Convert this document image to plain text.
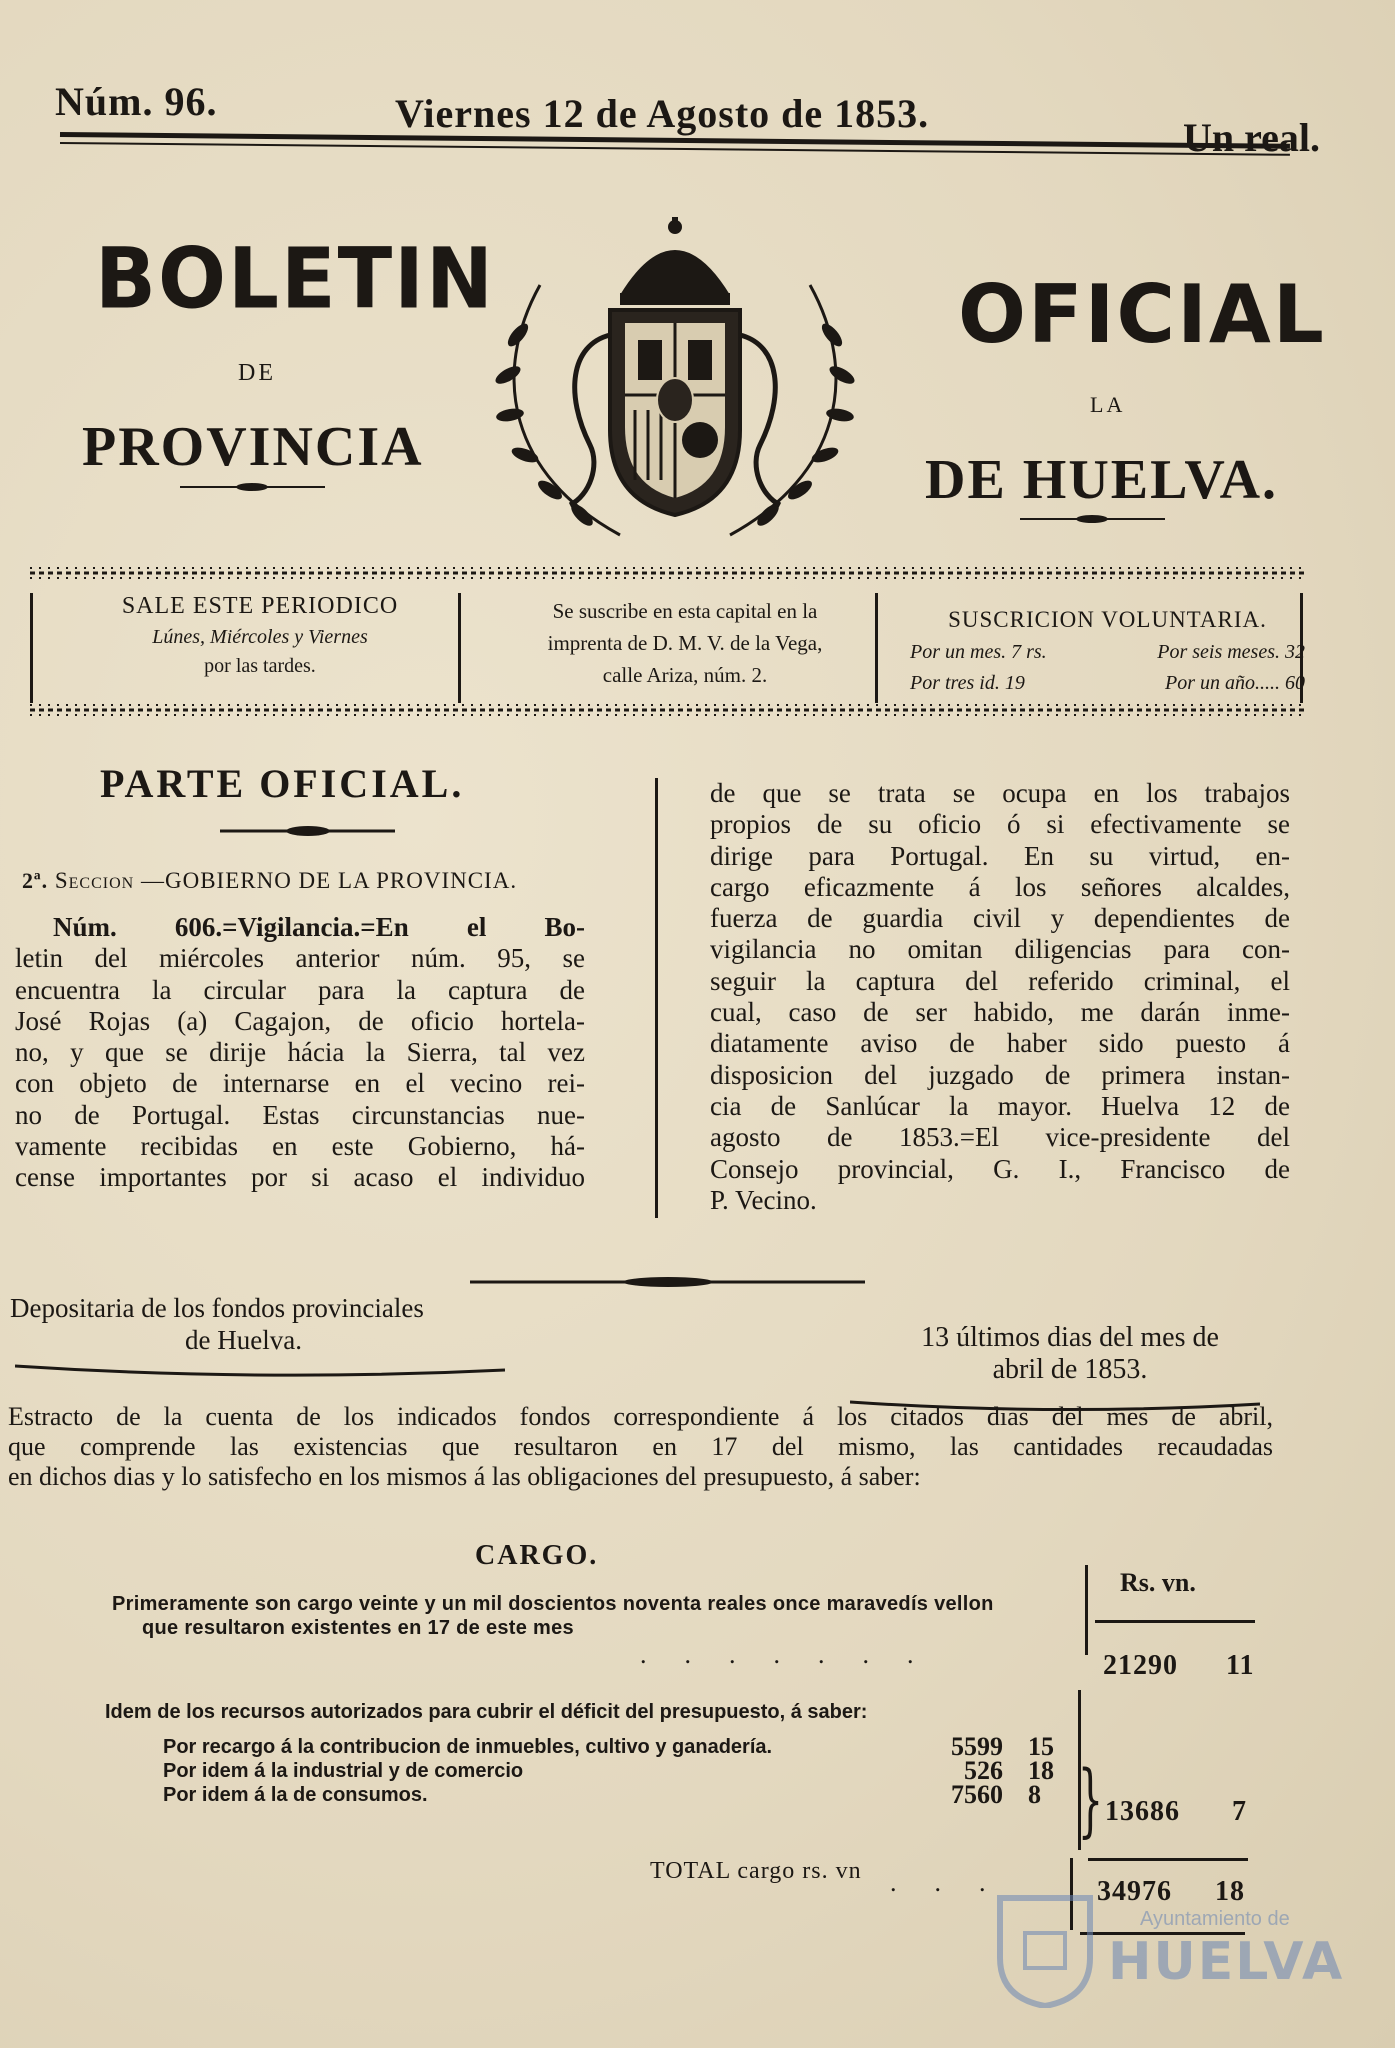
Núm. 96.	Viernes 12 de Agosto de 1853.
Un real.
BOLETIN
DE
PROVINCIA
OFICIAL
LA
DE HUELVA.
SALE ESTE PERIODICO
Lúnes, Miércoles y Viernes
por las tardes.
Se suscribe en esta capital en la
imprenta de D. M. V. de la Vega,
calle Ariza, núm. 2.
SUSCRICION VOLUNTARIA.
Por un mes. 7 rs.	Por seis meses. 32
Por tres id. 19	Por un año..... 60
PARTE OFICIAL.
2ª. Seccion —GOBIERNO DE LA PROVINCIA.
Núm. 606.=Vigilancia.=En el Bo-
letin del miércoles anterior núm. 95, se
encuentra la circular para la captura de
José Rojas (a) Cagajon, de oficio hortela-
no, y que se dirije hácia la Sierra, tal vez
con objeto de internarse en el vecino rei-
no de Portugal. Estas circunstancias nue-
vamente recibidas en este Gobierno, há-
cense importantes por si acaso el individuo
de que se trata se ocupa en los trabajos
propios de su oficio ó si efectivamente se
dirige para Portugal. En su virtud, en-
cargo eficazmente á los señores alcaldes,
fuerza de guardia civil y dependientes de
vigilancia no omitan diligencias para con-
seguir la captura del referido criminal, el
cual, caso de ser habido, me darán inme-
diatamente aviso de haber sido puesto á
disposicion del juzgado de primera instan-
cia de Sanlúcar la mayor. Huelva 12 de
agosto de 1853.=El vice-presidente del
Consejo provincial, G. I., Francisco de
P. Vecino.
Depositaria de los fondos provinciales
de Huelva.	13 últimos dias del mes de
abril de 1853.
Estracto de la cuenta de los indicados fondos correspondiente á los citados dias del mes de abril,
que comprende las existencias que resultaron en 17 del mismo, las cantidades recaudadas
en dichos dias y lo satisfecho en los mismos á las obligaciones del presupuesto, á saber:
CARGO.
Rs. vn.
Primeramente son cargo veinte y un mil doscientos noventa reales once maravedís vellon
que resultaron existentes en 17 de este mes
.......	21290 11
Idem de los recursos autorizados para cubrir el déficit del presupuesto, á saber:
Por recargo á la contribucion de inmuebles, cultivo y ganadería.	5599 15
Por idem á la industrial y de comercio	526 18
Por idem á la de consumos.	7560 8 } 13686 7
TOTAL cargo rs. vn ...	34976 18
Ayuntamiento de
HUELVA
